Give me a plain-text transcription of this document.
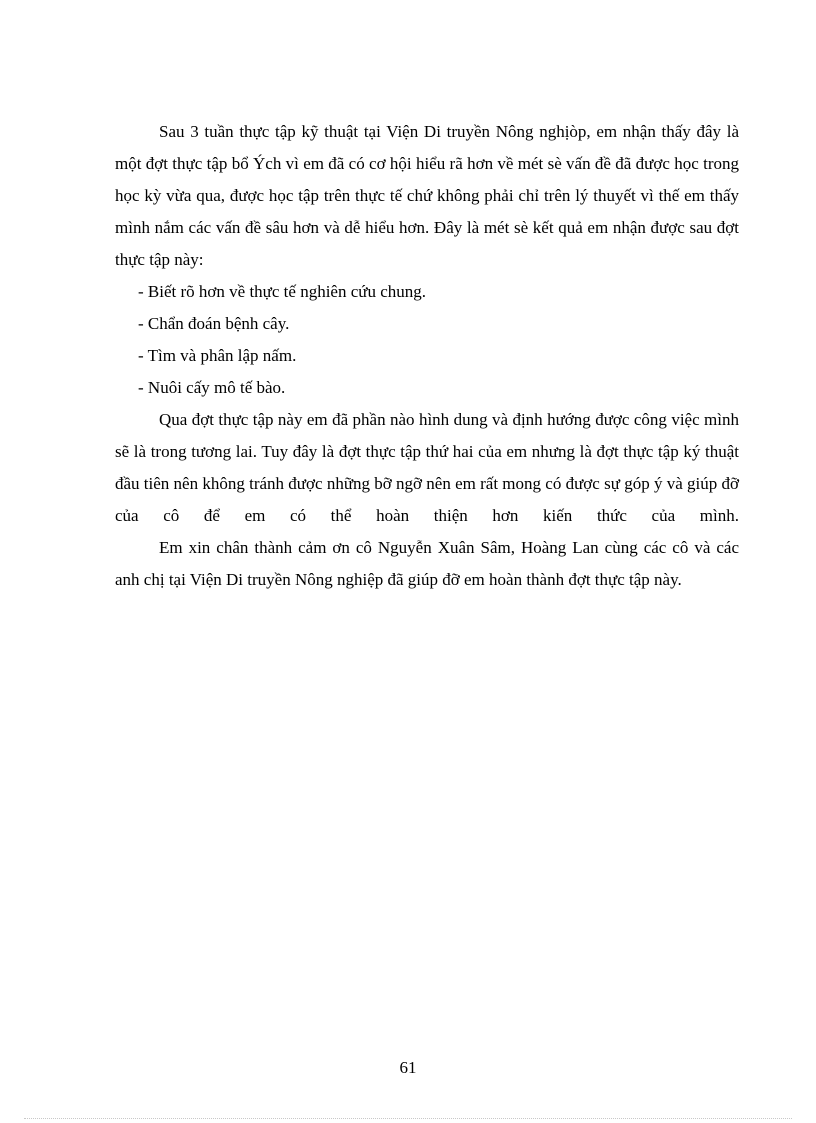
Sau 3 tuần thực tập kỹ thuật tại Viện Di truyền Nông nghịòp, em nhận thấy đây là một đợt thực tập bổ Ých vì em đã có cơ hội hiểu rã hơn về mét sè vấn đề đã được học trong học kỳ vừa qua, được học tập trên thực tế chứ không phải chỉ trên lý thuyết vì thế em thấy mình nắm các vấn đề sâu hơn và dễ hiểu hơn. Đây là mét sè kết quả em nhận được sau đợt thực tập này:

- Biết rõ hơn về thực tế nghiên cứu chung.
- Chẩn đoán bệnh cây.
- Tìm và phân lập nấm.
- Nuôi cấy mô tế bào.

Qua đợt thực tập này em đã phần nào hình dung và định hướng được công việc mình sẽ là trong tương lai. Tuy đây là đợt thực tập thứ hai của em nhưng là đợt thực tập ký thuật đầu tiên nên không tránh được những bỡ ngỡ nên em rất mong có được sự góp ý và giúp đỡ của cô để em có thể hoàn thiện hơn kiến thức của mình.

Em xin chân thành cảm ơn cô Nguyễn Xuân Sâm, Hoàng Lan cùng các cô và các anh chị tại Viện Di truyền Nông nghiệp đã giúp đỡ em hoàn thành đợt thực tập này.

61
